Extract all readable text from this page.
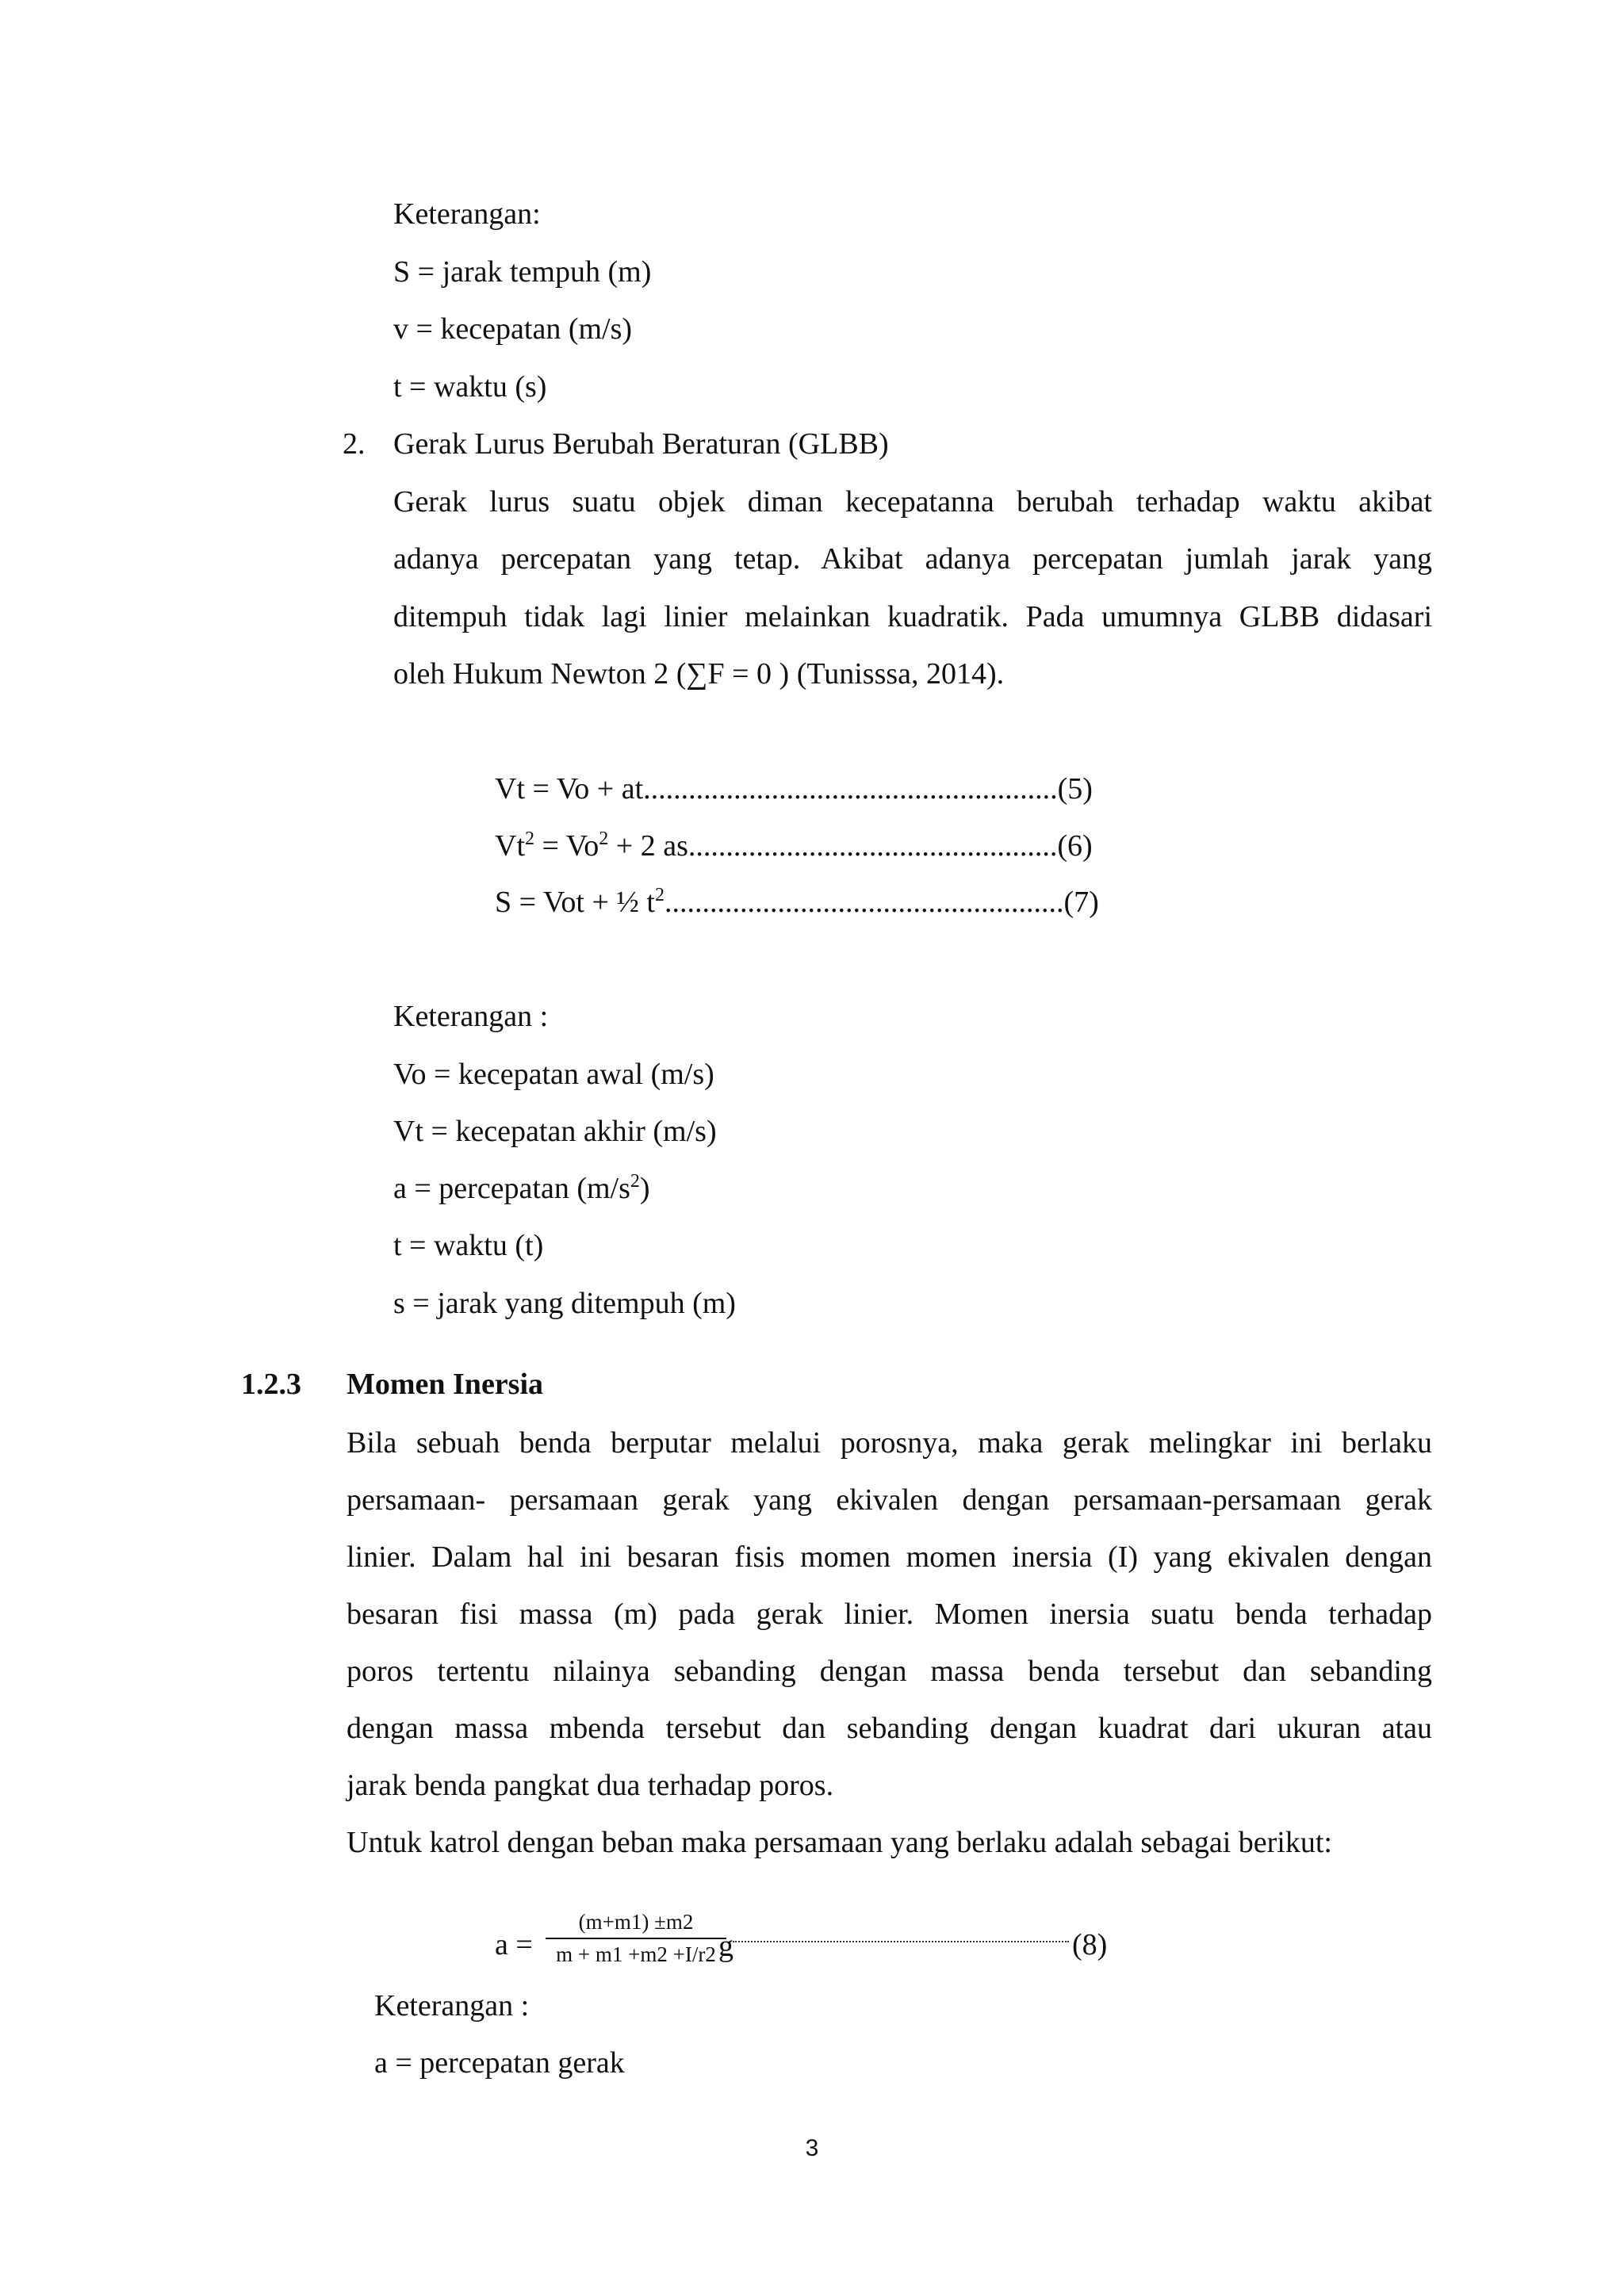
Keterangan:

S = jarak tempuh (m)

v = kecepatan (m/s)

t = waktu (s)

2. Gerak Lurus Berubah Beraturan (GLBB)

Gerak lurus suatu objek diman kecepatanna berubah terhadap waktu akibat

adanya percepatan yang tetap. Akibat adanya percepatan jumlah jarak yang

ditempuh tidak lagi linier melainkan kuadratik. Pada umumnya GLBB didasari

oleh Hukum Newton 2 (∑F = 0 ) (Tunisssa, 2014).

Vt = Vo + at.......................................................(5)

$Vt^2 = Vo^2 + 2$ as.................................................(6)

S = Vot + ½ $t^2.....................................................(7)$

Keterangan :

Vo = kecepatan awal (m/s)

Vt = kecepatan akhir (m/s)

a = percepatan $(m/s^2)$

t = waktu (t)

s = jarak yang ditempuh (m)

1.2.3 Momen Inersia

Bila sebuah benda berputar melalui porosnya, maka gerak melingkar ini berlaku

persamaan- persamaan gerak yang ekivalen dengan persamaan-persamaan gerak

linier. Dalam hal ini besaran fisis momen momen inersia (I) yang ekivalen dengan

besaran fisi massa (m) pada gerak linier. Momen inersia suatu benda terhadap

poros tertentu nilainya sebanding dengan massa benda tersebut dan sebanding

dengan massa mbenda tersebut dan sebanding dengan kuadrat dari ukuran atau

jarak benda pangkat dua terhadap poros.

Untuk katrol dengan beban maka persamaan yang berlaku adalah sebagai berikut:

a =

(m+m1) ±m2
m + m1 +m2 +I/r2 g	(8)

Keterangan :

a = percepatan gerak

3
